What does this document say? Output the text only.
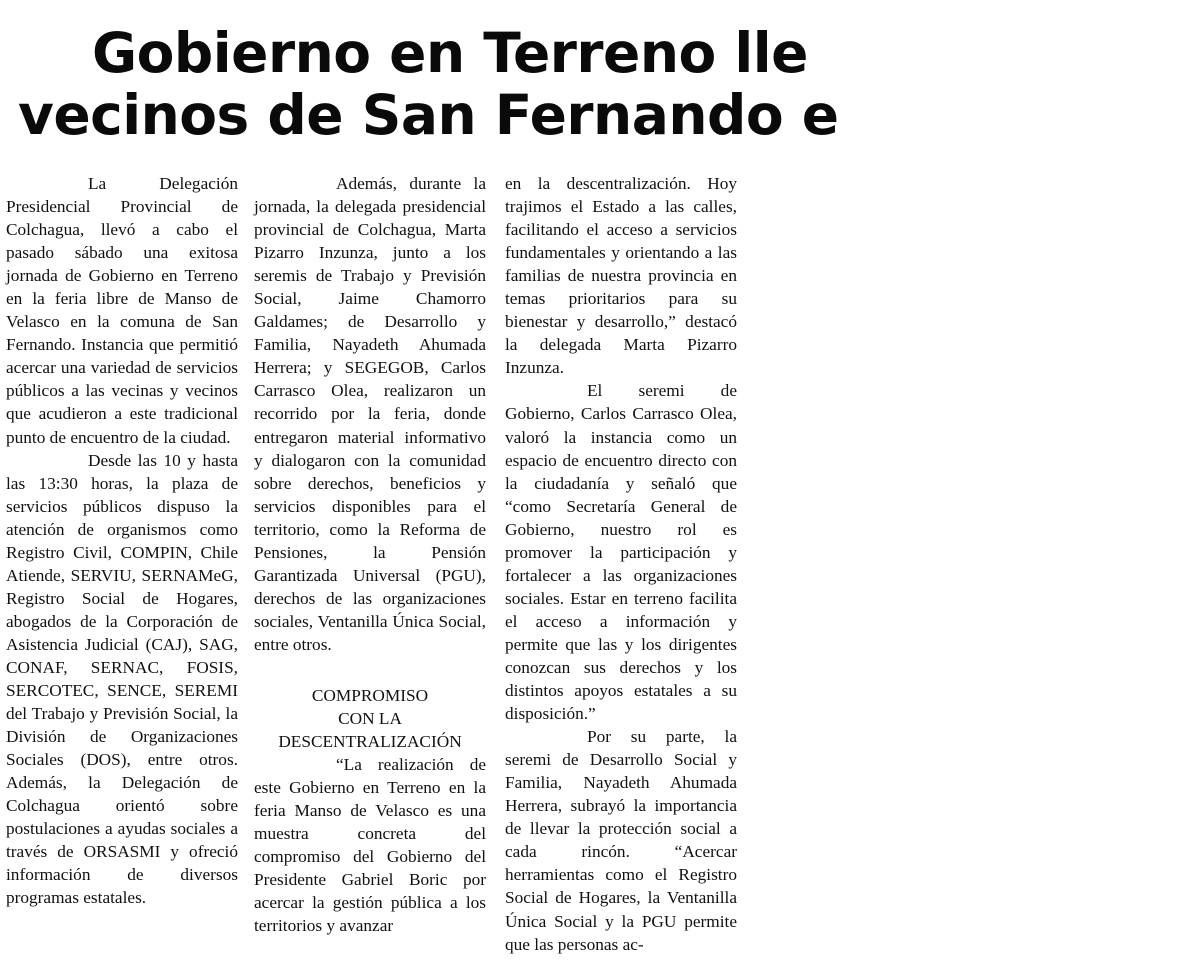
Gobierno en Terreno lle
vecinos de San Fernando e

La Delegación Presidencial Provincial de Colchagua, llevó a cabo el pasado sábado una exitosa jornada de Gobierno en Terreno en la feria libre de Manso de Velasco en la comuna de San Fernando. Instancia que permitió acercar una variedad de servicios públicos a las vecinas y vecinos que acudieron a este tradicional punto de encuentro de la ciudad.

Desde las 10 y hasta las 13:30 horas, la plaza de servicios públicos dispuso la atención de organismos como Registro Civil, COMPIN, Chile Atiende, SERVIU, SERNAMeG, Registro Social de Hogares, abogados de la Corporación de Asistencia Judicial (CAJ), SAG, CONAF, SERNAC, FOSIS, SERCOTEC, SENCE, SEREMI del Trabajo y Previsión Social, la División de Organizaciones Sociales (DOS), entre otros. Además, la Delegación de Colchagua orientó sobre postulaciones a ayudas sociales a través de ORSASMI y ofreció información de diversos programas estatales.

Además, durante la jornada, la delegada presidencial provincial de Colchagua, Marta Pizarro Inzunza, junto a los seremis de Trabajo y Previsión Social, Jaime Chamorro Galdames; de Desarrollo y Familia, Nayadeth Ahumada Herrera; y SEGEGOB, Carlos Carrasco Olea, realizaron un recorrido por la feria, donde entregaron material informativo y dialogaron con la comunidad sobre derechos, beneficios y servicios disponibles para el territorio, como la Reforma de Pensiones, la Pensión Garantizada Universal (PGU), derechos de las organizaciones sociales, Ventanilla Única Social, entre otros.

COMPROMISO

CON LA

DESCENTRALIZACIÓN

“La realización de este Gobierno en Terreno en la feria Manso de Velasco es una muestra concreta del compromiso del Gobierno del Presidente Gabriel Boric por acercar la gestión pública a los territorios y avanzar

en la descentralización. Hoy trajimos el Estado a las calles, facilitando el acceso a servicios fundamentales y orientando a las familias de nuestra provincia en temas prioritarios para su bienestar y desarrollo,” destacó la delegada Marta Pizarro Inzunza.

El seremi de Gobierno, Carlos Carrasco Olea, valoró la instancia como un espacio de encuentro directo con la ciudadanía y señaló que “como Secretaría General de Gobierno, nuestro rol es promover la participación y fortalecer a las organizaciones sociales. Estar en terreno facilita el acceso a información y permite que las y los dirigentes conozcan sus derechos y los distintos apoyos estatales a su disposición.”

Por su parte, la seremi de Desarrollo Social y Familia, Nayadeth Ahumada Herrera, subrayó la importancia de llevar la protección social a cada rincón. “Acercar herramientas como el Registro Social de Hogares, la Ventanilla Única Social y la PGU permite que las personas ac-
